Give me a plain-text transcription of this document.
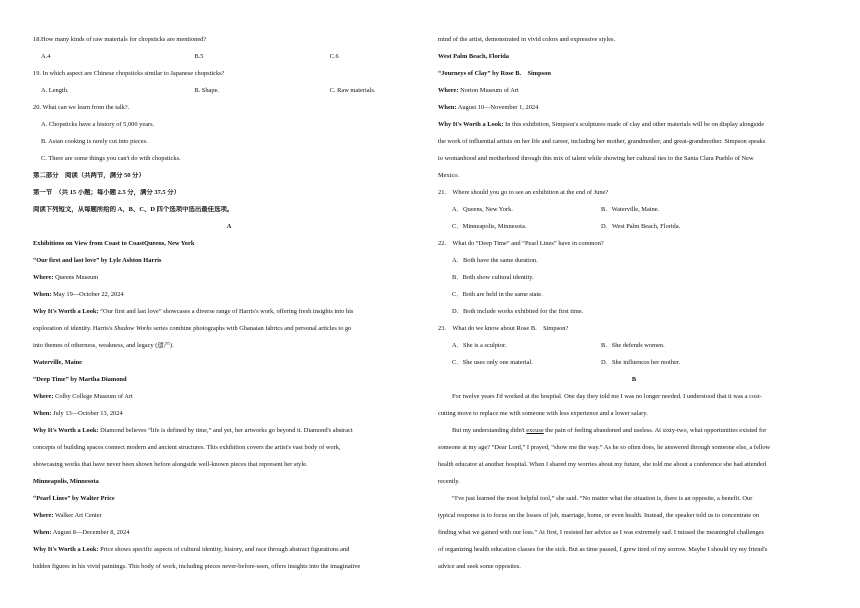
18.How many kinds of raw materials for chopsticks are mentioned?
A.4	B.5	C.6
19. In which aspect are Chinese chopsticks similar to Japanese chopsticks?
A. Length.	B. Shape.	C. Raw materials.
20. What can we learn from the talk?.
A. Chopsticks have a history of 5,000 years.
B. Asian cooking is rarely cut into pieces.
C. There are some things you can't do with chopsticks.
第二部分　阅读（共两节，满分 50 分）
第一节　（共 15 小题；每小题 2.5 分，满分 37.5 分）
阅读下列短文，从每题所给的 A、B、C、D 四个选项中选出最佳选项。
A
Exhibitions on View from Coast to CoastQueens, New York
“Our first and last love” by Lyle Ashton Harris
Where: Queens Museum
When: May 19—October 22, 2024
Why It's Worth a Look: “Our first and last love” showcases a diverse range of Harris's work, offering fresh insights into his
exploration of identity. Harris's Shadow Works series combine photographs with Ghanaian fabrics and personal articles to go
into themes of otherness, weakness, and legacy (遗产).
Waterville, Maine
“Deep Time” by Martha Diamond
Where: Colby College Museum of Art
When: July 13—October 13, 2024
Why It's Worth a Look: Diamond believes “life is defined by time,” and yet, her artworks go beyond it. Diamond's abstract
concepts of building spaces connect modern and ancient structures. This exhibition covers the artist's vast body of work,
showcasing works that have never been shown before alongside well-known pieces that represent her style.
Minneapolis, Minnesota
“Pearl Lines” by Walter Price
Where: Walker Art Center
When: August 8—December 8, 2024
Why It's Worth a Look: Price shows specific aspects of cultural identity, history, and race through abstract figurations and
hidden figures in his vivid paintings. This body of work, including pieces never-before-seen, offers insights into the imaginative
mind of the artist, demonstrated in vivid colors and expressive styles.
West Palm Beach, Florida
“Journeys of Clay” by Rose B.　Simpson
Where: Norton Museum of Art
When: August 10—November 1, 2024
Why It's Worth a Look: In this exhibition, Simpson's sculptures made of clay and other materials will be on display alongside
the work of influential artists on her life and career, including her mother, grandmother, and great-grandmother. Simpson speaks
to womanhood and motherhood through this mix of talent while showing her cultural ties to the Santa Clara Pueblo of New
Mexico.
21.　Where should you go to see an exhibition at the end of June?
A．Queens, New York.	B．Waterville, Maine.
C．Minneapolis, Minnesota.	D．West Palm Beach, Florida.
22.　What do “Deep Time” and “Pearl Lines” have in common?
A．Both have the same duration.
B．Both show cultural identity.
C．Both are held in the same state.
D．Both include works exhibited for the first time.
23.　What do we know about Rose B.　Simpson?
A．She is a sculptor.	B．She defends women.
C．She uses only one material.	D．She influences her mother.
B
For twelve years I'd worked at the hospital. One day they told me I was no longer needed. I understood that it was a cost-
cutting move to replace me with someone with less experience and a lower salary.
But my understanding didn't excuse the pain of feeling abandoned and useless. At sixty-two, what opportunities existed for
someone at my age? “Dear Lord,” I prayed, “show me the way.” As he so often does, he answered through someone else, a fellow
health educator at another hospital. When I shared my worries about my future, she told me about a conference she had attended
recently.
“I've just learned the most helpful tool,” she said. “No matter what the situation is, there is an opposite, a benefit. Our
typical response is to focus on the losses of job, marriage, home, or even health. Instead, the speaker told us to concentrate on
finding what we gained with our loss.” At first, I resisted her advice as I was extremely sad. I missed the meaningful challenges
of organizing health education classes for the sick. But as time passed, I grew tired of my sorrow. Maybe I should try my friend's
advice and seek some opposites.
